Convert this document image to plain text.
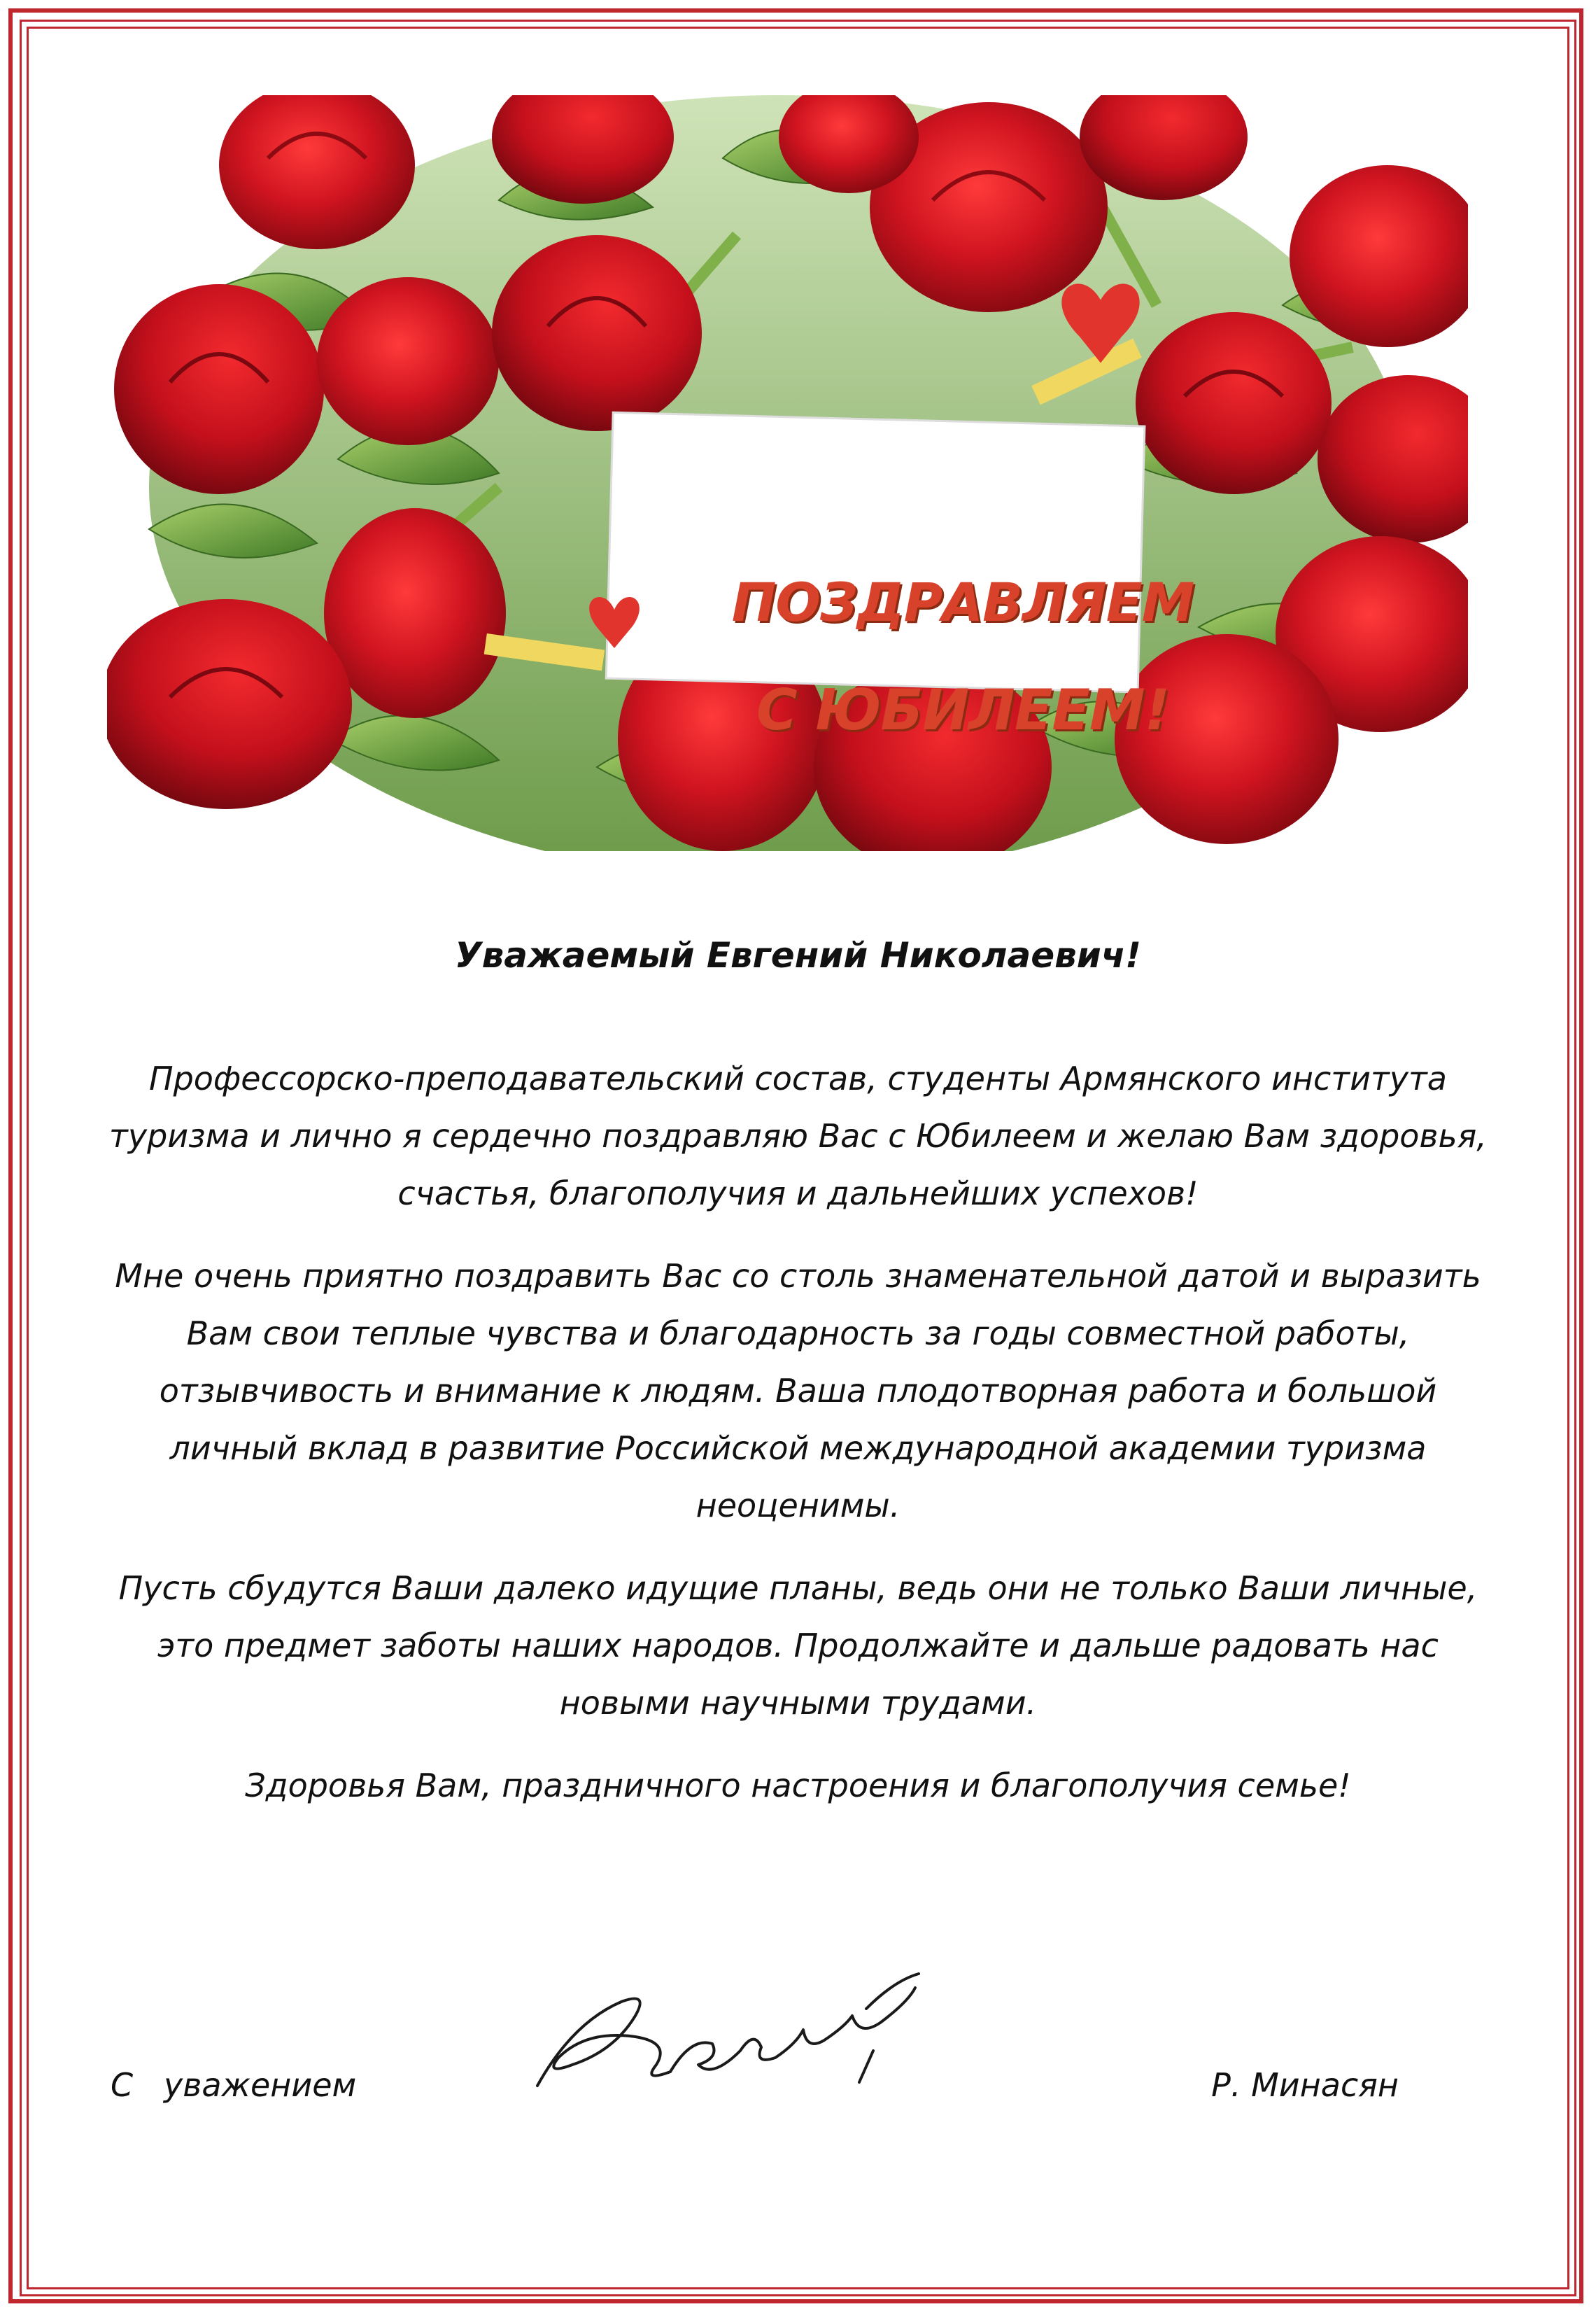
ПОЗДРАВЛЯЕМ
С ЮБИЛЕЕМ!
Уважаемый Евгений Николаевич!

Профессорско-преподавательский состав, студенты Армянского института туризма и лично я сердечно поздравляю Вас с Юбилеем и желаю Вам здоровья, счастья, благополучия и дальнейших успехов!

Мне очень приятно поздравить Вас со столь знаменательной датой и выразить Вам свои теплые чувства и благодарность за годы совместной работы, отзывчивость и внимание к людям. Ваша плодотворная работа и большой личный вклад в развитие Российской международной академии туризма неоценимы.

Пусть сбудутся Ваши далеко идущие планы, ведь они не только Ваши личные, это предмет заботы наших народов. Продолжайте и дальше радовать нас новыми научными трудами.

Здоровья Вам, праздничного настроения и благополучия семье!

С   уважением	Р. Минасян
